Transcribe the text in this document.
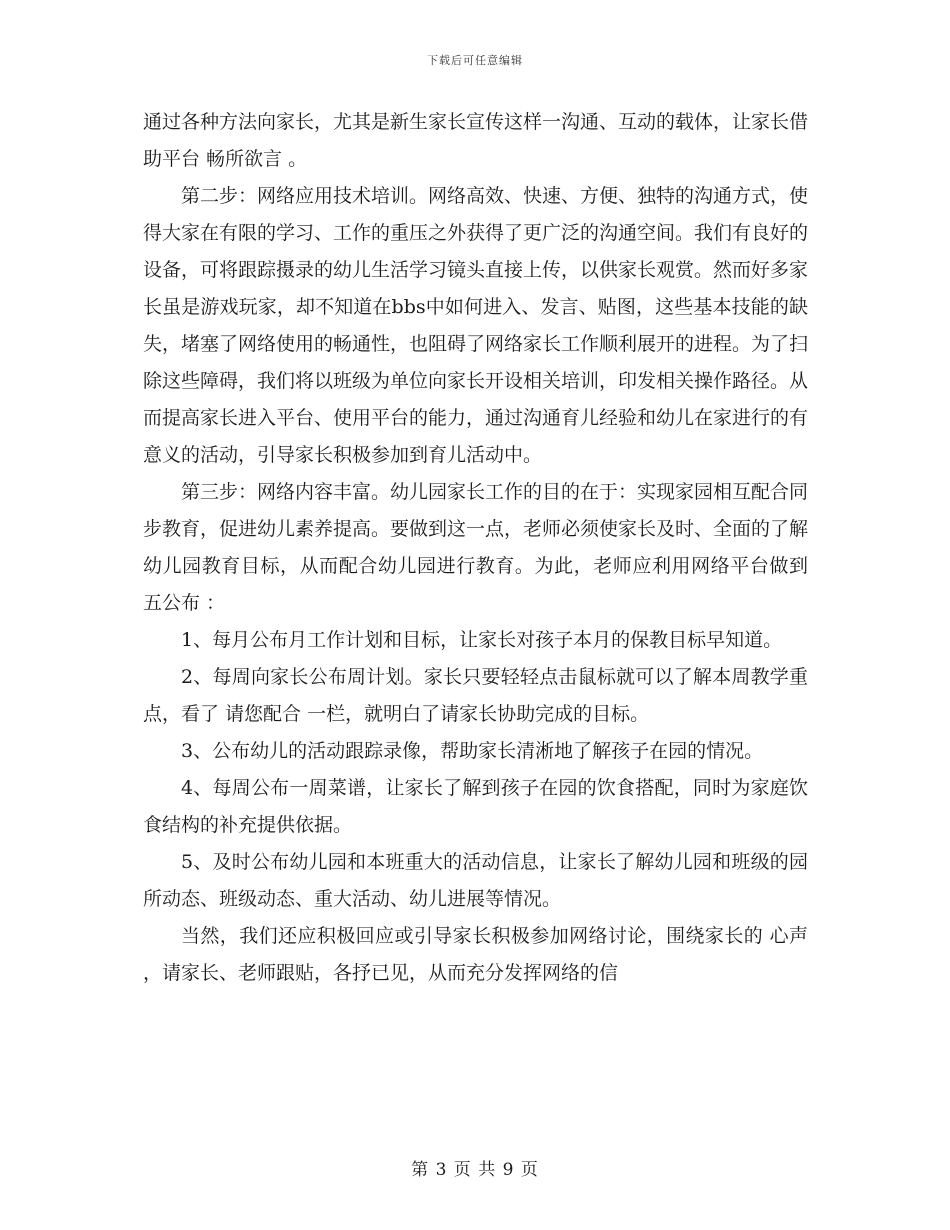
下载后可任意编辑

通过各种方法向家长，尤其是新生家长宣传这样一沟通、互动的载体，让家长借助平台 畅所欲言 。

第二步：网络应用技术培训。网络高效、快速、方便、独特的沟通方式，使得大家在有限的学习、工作的重压之外获得了更广泛的沟通空间。我们有良好的设备，可将跟踪摄录的幼儿生活学习镜头直接上传，以供家长观赏。然而好多家长虽是游戏玩家，却不知道在bbs中如何进入、发言、贴图，这些基本技能的缺失，堵塞了网络使用的畅通性，也阻碍了网络家长工作顺利展开的进程。为了扫除这些障碍，我们将以班级为单位向家长开设相关培训，印发相关操作路径。从而提高家长进入平台、使用平台的能力，通过沟通育儿经验和幼儿在家进行的有意义的活动，引导家长积极参加到育儿活动中。

第三步：网络内容丰富。幼儿园家长工作的目的在于：实现家园相互配合同步教育，促进幼儿素养提高。要做到这一点，老师必须使家长及时、全面的了解幼儿园教育目标，从而配合幼儿园进行教育。为此，老师应利用网络平台做到 五公布 ：

1、每月公布月工作计划和目标，让家长对孩子本月的保教目标早知道。

2、每周向家长公布周计划。家长只要轻轻点击鼠标就可以了解本周教学重点，看了 请您配合 一栏，就明白了请家长协助完成的目标。

3、公布幼儿的活动跟踪录像，帮助家长清淅地了解孩子在园的情况。

4、每周公布一周菜谱，让家长了解到孩子在园的饮食搭配，同时为家庭饮食结构的补充提供依据。

5、及时公布幼儿园和本班重大的活动信息，让家长了解幼儿园和班级的园所动态、班级动态、重大活动、幼儿进展等情况。

当然，我们还应积极回应或引导家长积极参加网络讨论，围绕家长的 心声 ，请家长、老师跟贴，各抒已见，从而充分发挥网络的信

第 3 页 共 9 页
